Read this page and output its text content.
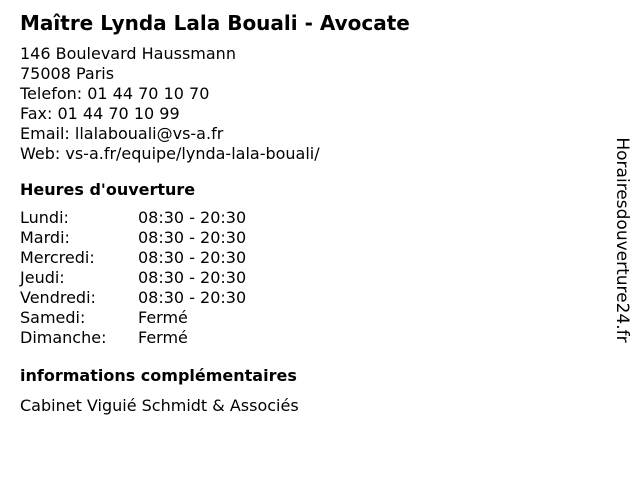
Maître Lynda Lala Bouali - Avocate
146 Boulevard Haussmann
75008 Paris
Telefon: 01 44 70 10 70
Fax: 01 44 70 10 99
Email: llalabouali@vs-a.fr
Web: vs-a.fr/equipe/lynda-lala-bouali/
Heures d'ouverture
Lundi:	08:30 - 20:30
Mardi:	08:30 - 20:30
Mercredi:	08:30 - 20:30
Jeudi:	08:30 - 20:30
Vendredi:	08:30 - 20:30
Samedi:	Fermé
Dimanche:	Fermé
informations complémentaires
Cabinet Viguié Schmidt & Associés
Horairesdouverture24.fr
